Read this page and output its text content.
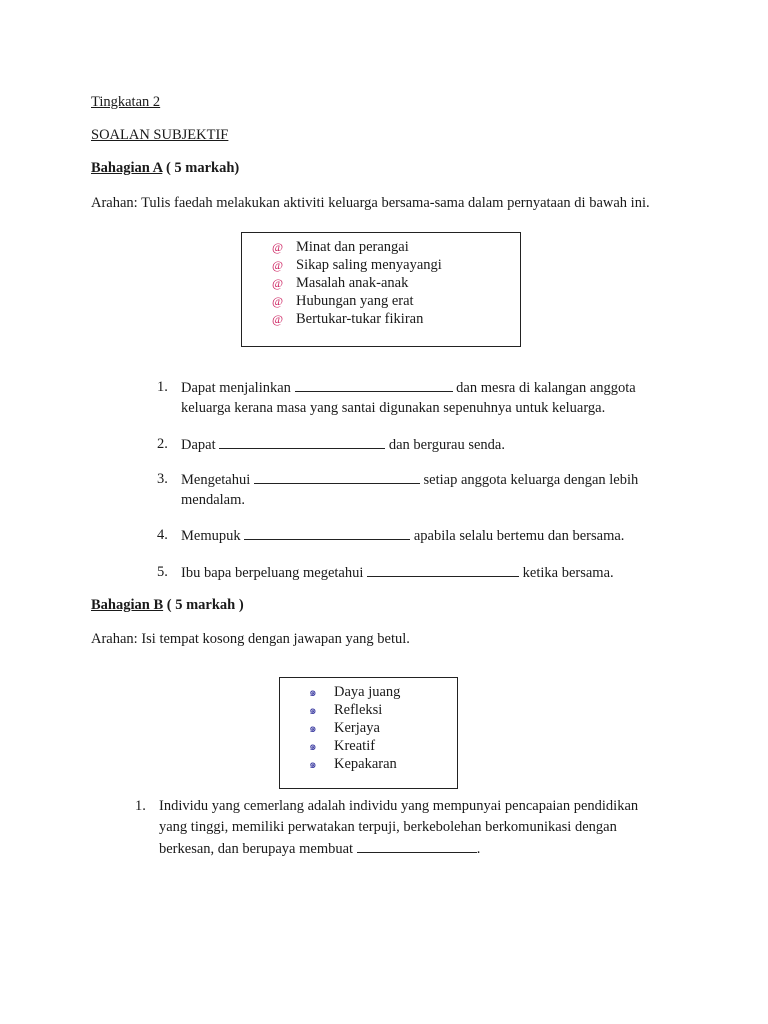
Tingkatan 2
SOALAN SUBJEKTIF
Bahagian A ( 5 markah)
Arahan: Tulis faedah melakukan aktiviti keluarga bersama-sama dalam pernyataan di bawah ini.
@ Minat dan perangai
@ Sikap saling menyayangi
@ Masalah anak-anak
@ Hubungan yang erat
@ Bertukar-tukar fikiran
1. Dapat menjalinkan	dan mesra di kalangan anggota
keluarga kerana masa yang santai digunakan sepenuhnya untuk keluarga.
2. Dapat	dan bergurau senda.
3. Mengetahui	setiap anggota keluarga dengan lebih
mendalam.
4. Memupuk	apabila selalu bertemu dan bersama.
5. Ibu bapa berpeluang megetahui	ketika bersama.
Bahagian B ( 5 markah )
Arahan: Isi tempat kosong dengan jawapan yang betul.
๑ Daya juang
๑ Refleksi
๑ Kerjaya
๑ Kreatif
๑ Kepakaran
1. Individu yang cemerlang adalah individu yang mempunyai pencapaian pendidikan
yang tinggi, memiliki perwatakan terpuji, berkebolehan berkomunikasi dengan
berkesan, dan berupaya membuat	.
